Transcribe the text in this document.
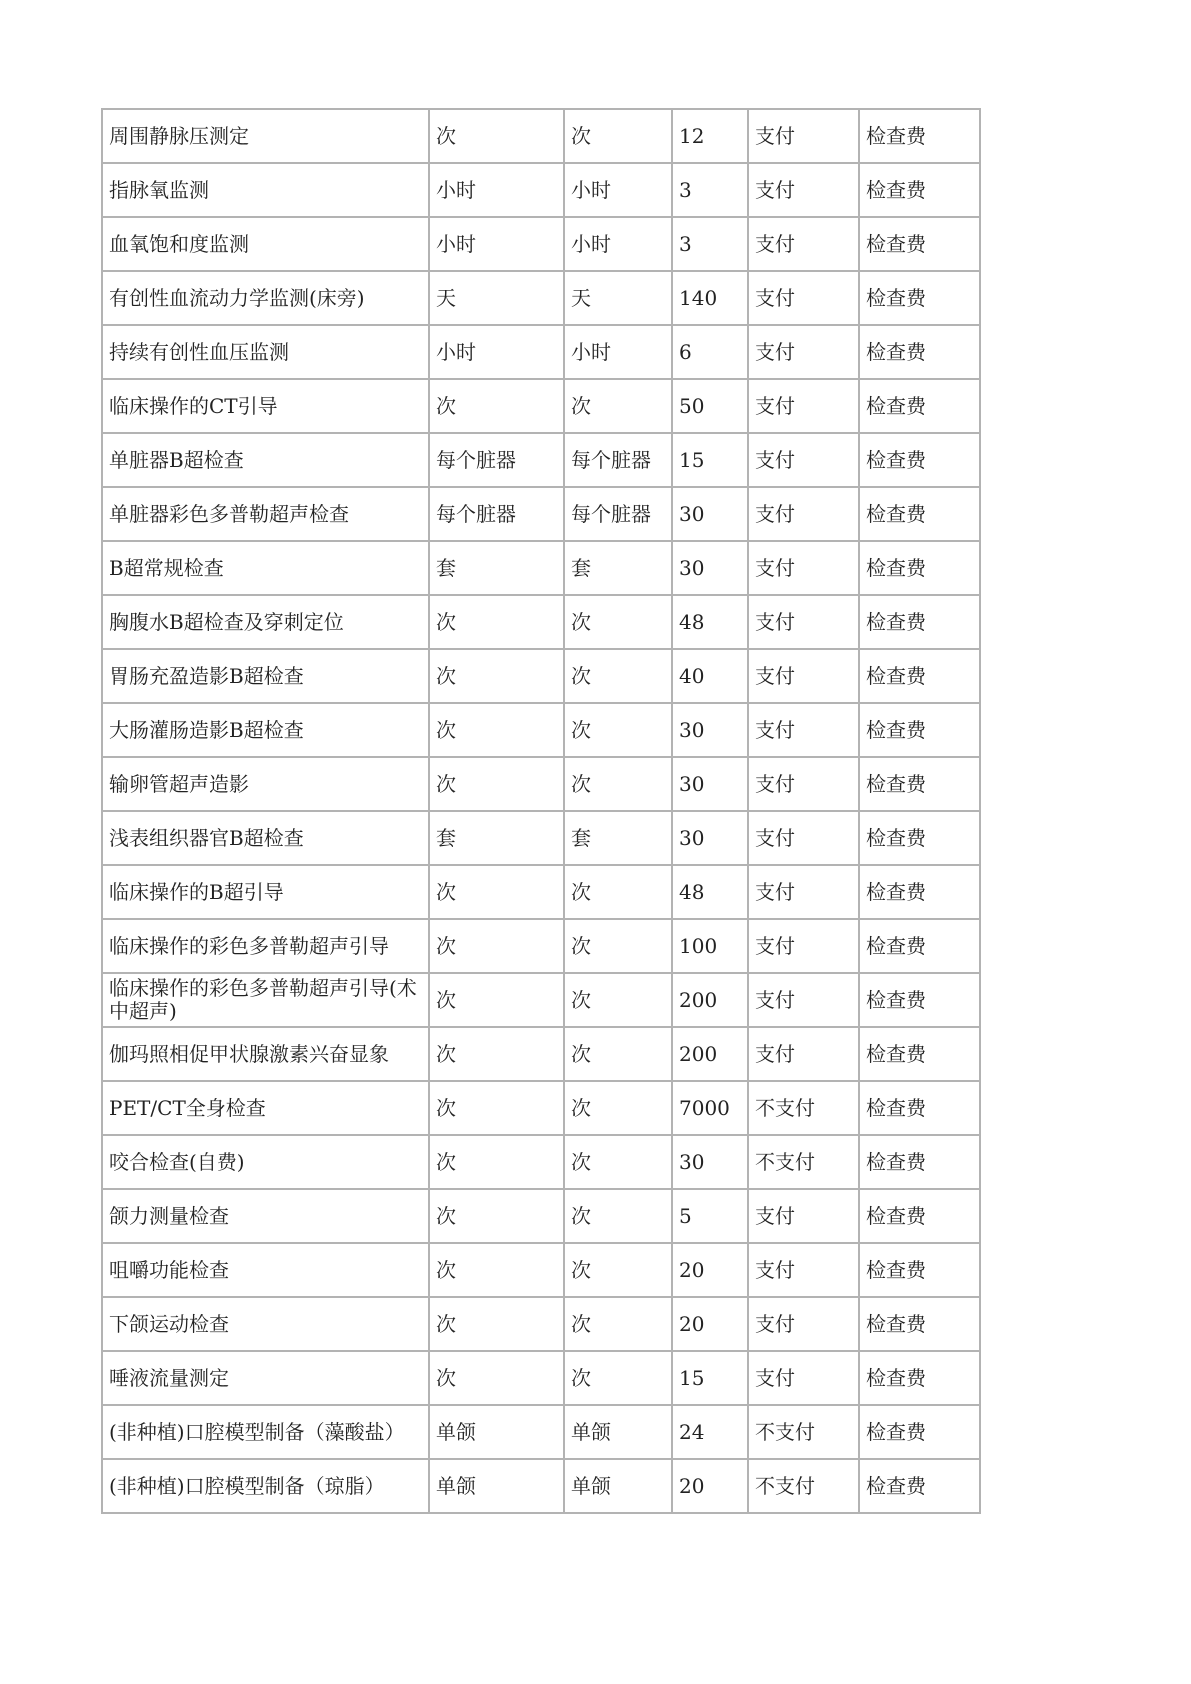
周围静脉压测定	次	次	12	支付	检查费
指脉氧监测	小时	小时	3	支付	检查费
血氧饱和度监测	小时	小时	3	支付	检查费
有创性血流动力学监测(床旁)	天	天	140	支付	检查费
持续有创性血压监测	小时	小时	6	支付	检查费
临床操作的CT引导	次	次	50	支付	检查费
单脏器B超检查	每个脏器	每个脏器	15	支付	检查费
单脏器彩色多普勒超声检查	每个脏器	每个脏器	30	支付	检查费
B超常规检查	套	套	30	支付	检查费
胸腹水B超检查及穿刺定位	次	次	48	支付	检查费
胃肠充盈造影B超检查	次	次	40	支付	检查费
大肠灌肠造影B超检查	次	次	30	支付	检查费
输卵管超声造影	次	次	30	支付	检查费
浅表组织器官B超检查	套	套	30	支付	检查费
临床操作的B超引导	次	次	48	支付	检查费
临床操作的彩色多普勒超声引导	次	次	100	支付	检查费
临床操作的彩色多普勒超声引导(术中超声)	次	次	200	支付	检查费
伽玛照相促甲状腺激素兴奋显象	次	次	200	支付	检查费
PET/CT全身检查	次	次	7000	不支付	检查费
咬合检查(自费)	次	次	30	不支付	检查费
颌力测量检查	次	次	5	支付	检查费
咀嚼功能检查	次	次	20	支付	检查费
下颌运动检查	次	次	20	支付	检查费
唾液流量测定	次	次	15	支付	检查费
(非种植)口腔模型制备（藻酸盐）	单颌	单颌	24	不支付	检查费
(非种植)口腔模型制备（琼脂）	单颌	单颌	20	不支付	检查费
